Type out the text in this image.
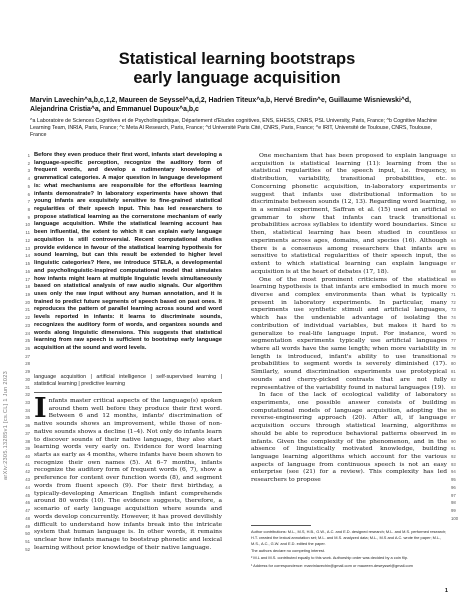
arXiv:2305.13285v1 [cs.CL] 1 Jun 2023
Statistical learning bootstraps
early language acquisition
Marvin Lavechin^a,b,c,1,2, Maureen de Seyssel^a,d,2, Hadrien Titeux^a,b, Hervé Bredin^e, Guillaume Wisniewski^d, Alejandrina Cristia^a, and Emmanuel Dupoux^a,b,c
^a Laboratoire de Sciences Cognitives et de Psycholinguistique, Département d'Etudes cognitives, ENS, EHESS, CNRS, PSL University, Paris, France; ^b Cognitive Machine Learning Team, INRIA, Paris, France; ^c Meta AI Research, Paris, France; ^d Université Paris Cité, CNRS, Paris, France; ^e IRIT, Université de Toulouse, CNRS, Toulouse, France
1
2
3
4
5
6
7
8
9
10
11
12
13
14
15
16
17
18
19
20
21
22
23
24
25
26
27
28
29
30
31
32
33
34
35
36
37
38
39
40
41
42
43
44
45
46
47
48
49
50
51
52
53
54
55
56
57
58
59
60
61
62
63
64
65
66
67
68
69
70
71
72
73
74
75
76
77
78
79
80
81
82
83
84
85
86
87
88
89
90
91
92
93
94
95
96
97
98
99
100
Before they even produce their first word, infants start developing a language-specific perception, recognize the auditory form of frequent words, and develop a rudimentary knowledge of grammatical categories. A major question in language development is: what mechanisms are responsible for the effortless learning infants demonstrate? In laboratory experiments have shown that young infants are exquisitely sensitive to fine-grained statistical regularities of their speech input. This has led researchers to propose statistical learning as the cornerstone mechanism of early language acquisition. While the statistical learning account has been influential, the extent to which it can explain early language acquisition is still controversial. Recent computational studies provide evidence in favour of the statistical learning hypothesis for sound learning, but can this result be extended to higher level linguistic categories? Here, we introduce STELA, a developmental and psycholinguistic-inspired computational model that simulates how infants might learn at multiple linguistic levels simultaneously based on statistical analysis of raw audio signals. Our algorithm uses only the raw input without any human annotation, and it is trained to predict future segments of speech based on past ones. It reproduces the pattern of parallel learning across sound and word levels reported in infants: it learns to discriminate sounds, recognizes the auditory form of words, and organizes sounds and words along linguistic dimensions. This suggests that statistical learning from raw speech is sufficient to bootstrap early language acquisition at the sound and word levels.
language acquisition | artificial intelligence | self-supervised learning | statistical learning | predictive learning
Infants master critical aspects of the language(s) spoken around them well before they produce their first word. Between 6 and 12 months, infants' discrimination of native sounds shows an improvement, while those of non-native sounds shows a decline (1–4). Not only do infants learn to discover sounds of their native language, they also start learning words very early on. Evidence for word learning starts as early as 4 months, where infants have been shown to recognize their own names (5). At 6–7 months, infants recognize the auditory form of frequent words (6, 7), show a preference for content over function words (8), and segment words from fluent speech (9). For their first birthday, a typically-developing American English infant comprehends around 80 words (10). The evidence suggests, therefore, a scenario of early language acquisition where sounds and words develop concurrently. However, it has proved devilishly difficult to understand how infants break into the intricate system that human language is. In other words, it remains unclear how infants manage to bootstrap phonetic and lexical learning without prior knowledge of their native language.

One mechanism that has been proposed to explain language acquisition is statistical learning (11): learning from the statistical regularities of the speech input, i.e. frequency, distribution, variability, transitional probabilities, etc. Concerning phonetic acquisition, in-laboratory experiments suggest that infants use distributional information to discriminate between sounds (12, 13). Regarding word learning, in a seminal experiment, Saffran et al. (15) used an artificial grammar to show that infants can track transitional probabilities across syllables to identify word boundaries. Since then, statistical learning has been studied in countless experiments across ages, domains, and species (16). Although there is a consensus among researchers that infants are sensitive to statistical regularities of their speech input, the extent to which statistical learning can explain language acquisition is at the heart of debates (17, 18).

One of the most prominent criticisms of the statistical learning hypothesis is that infants are embodied in much more diverse and complex environments than what is typically present in laboratory experiments. In particular, many experiments use synthetic stimuli and artificial languages, which has the undeniable advantage of isolating the contribution of individual variables, but makes it hard to generalize to real-life language input. For instance, word segmentation experiments typically use artificial languages where all words have the same length; when more variability in length is introduced, infant's ability to use transitional probabilities to segment words is severely diminished (17). Similarly, sound discrimination experiments use prototypical sounds and cherry-picked contrasts that are not fully representative of the variability found in natural languages (19).

In face of the lack of ecological validity of laboratory experiments, one possible answer consists of building computational models of language acquisition, adopting the reverse-engineering approach (20). After all, if language acquisition occurs through statistical learning, algorithms should be able to reproduce behavioral patterns observed in infants. Given the complexity of the phenomenon, and in the absence of linguistically motivated knowledge, building language learning algorithms which account for the various aspects of language from continuous speech is not an easy enterprise (see (21) for a review). This complexity has led researchers to propose

Author contributions: M.L., M.S, H.B., G.W., A.C. and E.D. designed research; M.L. and M.S. performed research; H.T. created the lexical annotation set; M.L. and M.S. analyzed data; M.L., M.S and A.C. wrote the paper; M.L., M.S., A.C., G.W. and E.D. edited the paper.

The authors declare no competing interest.

² M.L and M.S. contributed equally to this work. Authorship order was decided by a coin flip.

¹ Address for correspondence: marvinlavechin@gmail.com or maureen.deseyssel@gmail.com

1
